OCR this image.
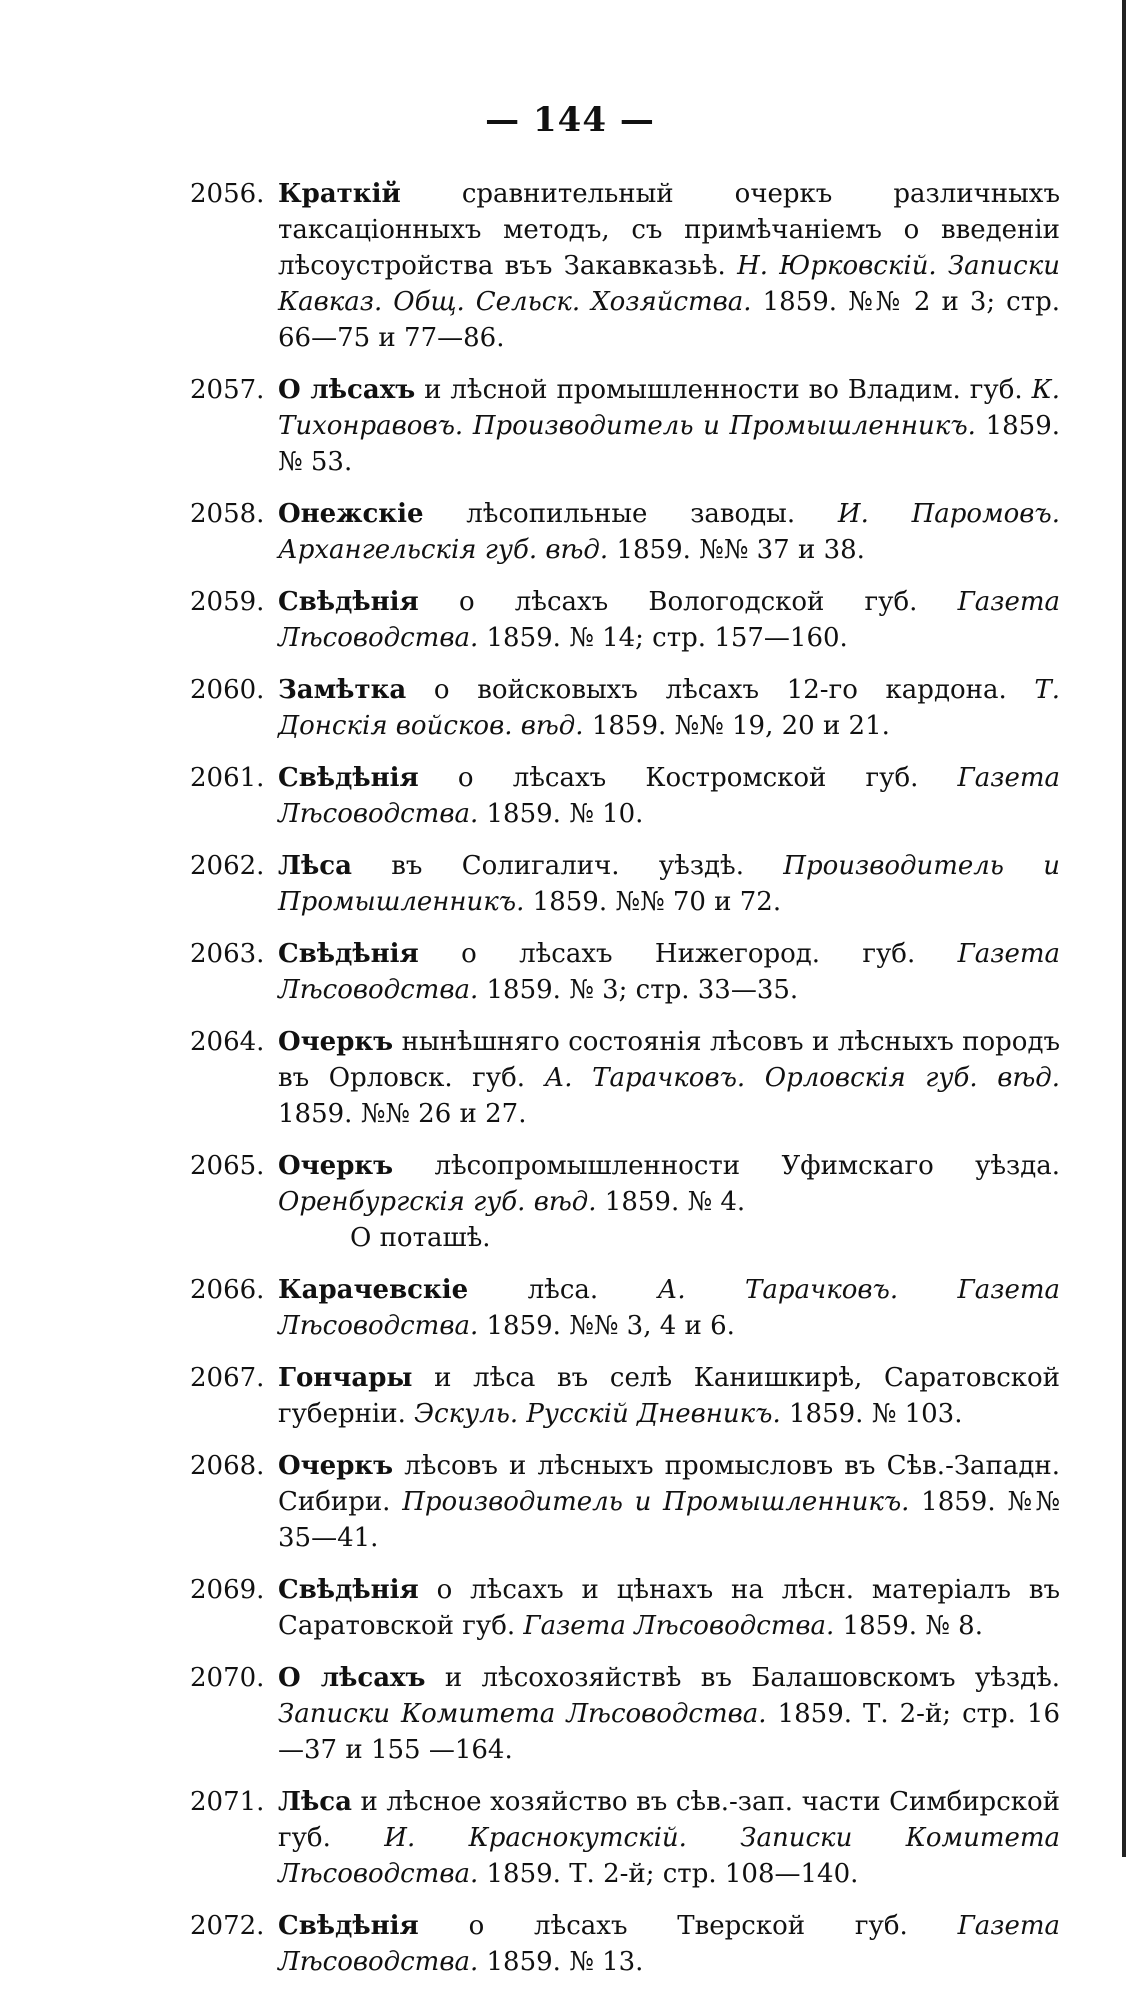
— 144 —
2056. Краткій сравнительный очеркъ различныхъ таксаціонныхъ методъ, съ примѣчаніемъ о введеніи лѣсоустройства въъ Закавказьѣ. Н. Юрковскій. Записки Кавказ. Общ. Сельск. Хозяйства. 1859. №№ 2 и 3; стр. 66—75 и 77—86.
2057. О лѣсахъ и лѣсной промышленности во Владим. губ. К. Тихонравовъ. Производитель и Промышленникъ. 1859. № 53.
2058. Онежскіе лѣсопильные заводы. И. Паромовъ. Архангельскія губ. вѣд. 1859. №№ 37 и 38.
2059. Свѣдѣнія о лѣсахъ Вологодской губ. Газета Лѣсоводства. 1859. № 14; стр. 157—160.
2060. Замѣтка о войсковыхъ лѣсахъ 12-го кардона. Т. Донскія войсков. вѣд. 1859. №№ 19, 20 и 21.
2061. Свѣдѣнія о лѣсахъ Костромской губ. Газета Лѣсоводства. 1859. № 10.
2062. Лѣса въ Солигалич. уѣздѣ. Производитель и Промышленникъ. 1859. №№ 70 и 72.
2063. Свѣдѣнія о лѣсахъ Нижегород. губ. Газета Лѣсоводства. 1859. № 3; стр. 33—35.
2064. Очеркъ нынѣшняго состоянія лѣсовъ и лѣсныхъ породъ въ Орловск. губ. А. Тарачковъ. Орловскія губ. вѣд. 1859. №№ 26 и 27.
2065. Очеркъ лѣсопромышленности Уфимскаго уѣзда. Оренбургскія губ. вѣд. 1859. № 4.
О поташѣ.
2066. Карачевскіе лѣса. А. Тарачковъ. Газета Лѣсоводства. 1859. №№ 3, 4 и 6.
2067. Гончары и лѣса въ селѣ Канишкирѣ, Саратовской губерніи. Эскуль. Русскій Дневникъ. 1859. № 103.
2068. Очеркъ лѣсовъ и лѣсныхъ промысловъ въ Сѣв.-Западн. Сибири. Производитель и Промышленникъ. 1859. №№ 35—41.
2069. Свѣдѣнія о лѣсахъ и цѣнахъ на лѣсн. матеріалъ въ Саратовской губ. Газета Лѣсоводства. 1859. № 8.
2070. О лѣсахъ и лѣсохозяйствѣ въ Балашовскомъ уѣздѣ. Записки Комитета Лѣсоводства. 1859. Т. 2-й; стр. 16—37 и 155 —164.
2071. Лѣса и лѣсное хозяйство въ сѣв.-зап. части Симбирской губ. И. Краснокутскій. Записки Комитета Лѣсоводства. 1859. Т. 2-й; стр. 108—140.
2072. Свѣдѣнія о лѣсахъ Тверской губ. Газета Лѣсоводства. 1859. № 13.
